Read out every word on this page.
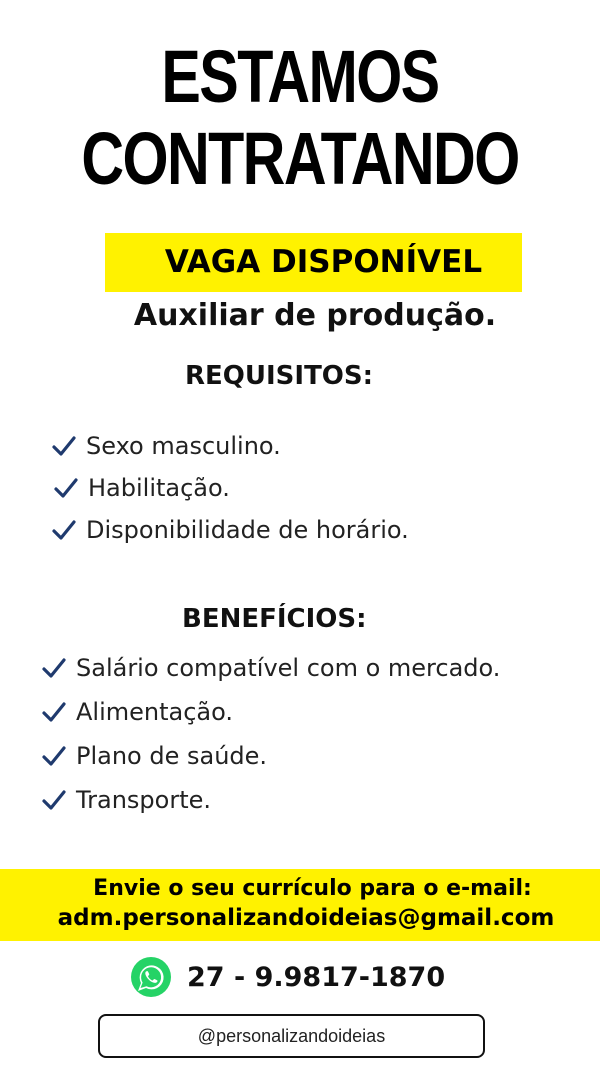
ESTAMOS
CONTRATANDO
VAGA DISPONÍVEL
Auxiliar de produção.
REQUISITOS:
Sexo masculino.
Habilitação.
Disponibilidade de horário.
BENEFÍCIOS:
Salário compatível com o mercado.
Alimentação.
Plano de saúde.
Transporte.
Envie o seu currículo para o e-mail:
adm.personalizandoideias@gmail.com
27 - 9.9817-1870
@personalizandoideias
